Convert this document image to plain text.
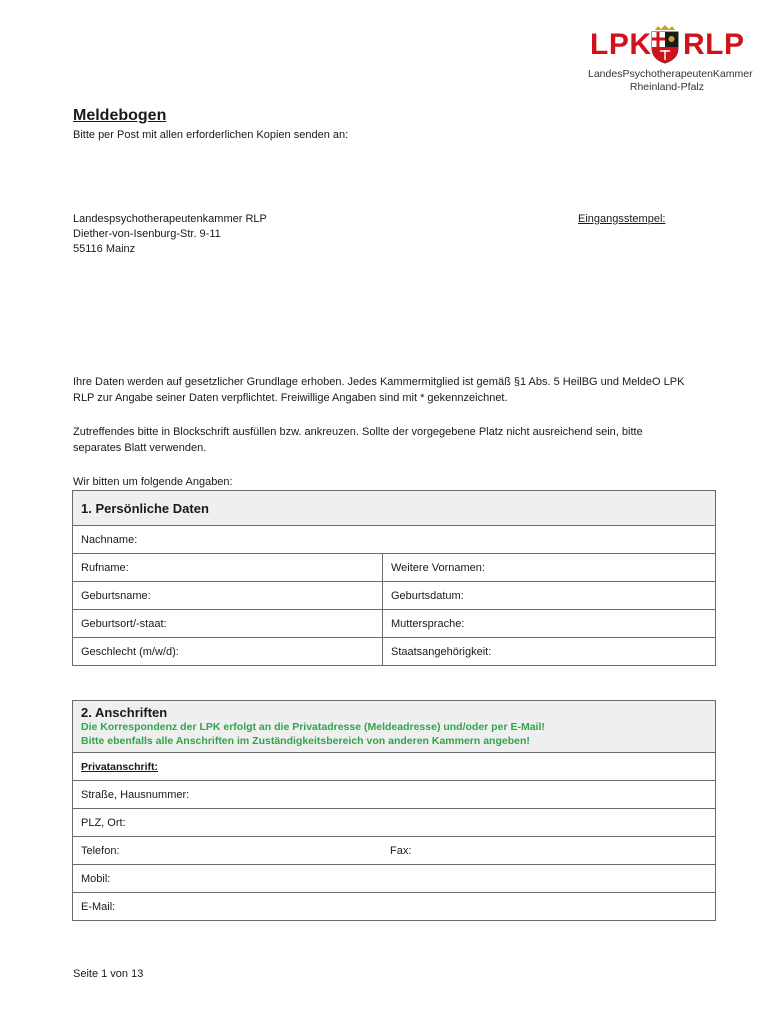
LPK RLP
LandesPsychotherapeutenKammer
Rheinland-Pfalz
Meldebogen
Bitte per Post mit allen erforderlichen Kopien senden an:
Landespsychotherapeutenkammer RLP
Diether-von-Isenburg-Str. 9-11
55116 Mainz
Eingangsstempel:
Ihre Daten werden auf gesetzlicher Grundlage erhoben. Jedes Kammermitglied ist gemäß §1 Abs. 5 HeilBG und MeldeO LPK RLP zur Angabe seiner Daten verpflichtet. Freiwillige Angaben sind mit * gekennzeichnet.
Zutreffendes bitte in Blockschrift ausfüllen bzw. ankreuzen. Sollte der vorgegebene Platz nicht ausreichend sein, bitte separates Blatt verwenden.
Wir bitten um folgende Angaben:
1. Persönliche Daten	
Nachname:	
Rufname:	Weitere Vornamen:
Geburtsname:	Geburtsdatum:
Geburtsort/-staat:	Muttersprache:
Geschlecht (m/w/d):	Staatsangehörigkeit:
2. Anschriften
Die Korrespondenz der LPK erfolgt an die Privatadresse (Meldeadresse) und/oder per E-Mail!
Bitte ebenfalls alle Anschriften im Zuständigkeitsbereich von anderen Kammern angeben!

Privatanschrift:
Straße, Hausnummer:
PLZ, Ort:
Telefon:	Fax:
Mobil:
E-Mail:
Seite 1 von 13
